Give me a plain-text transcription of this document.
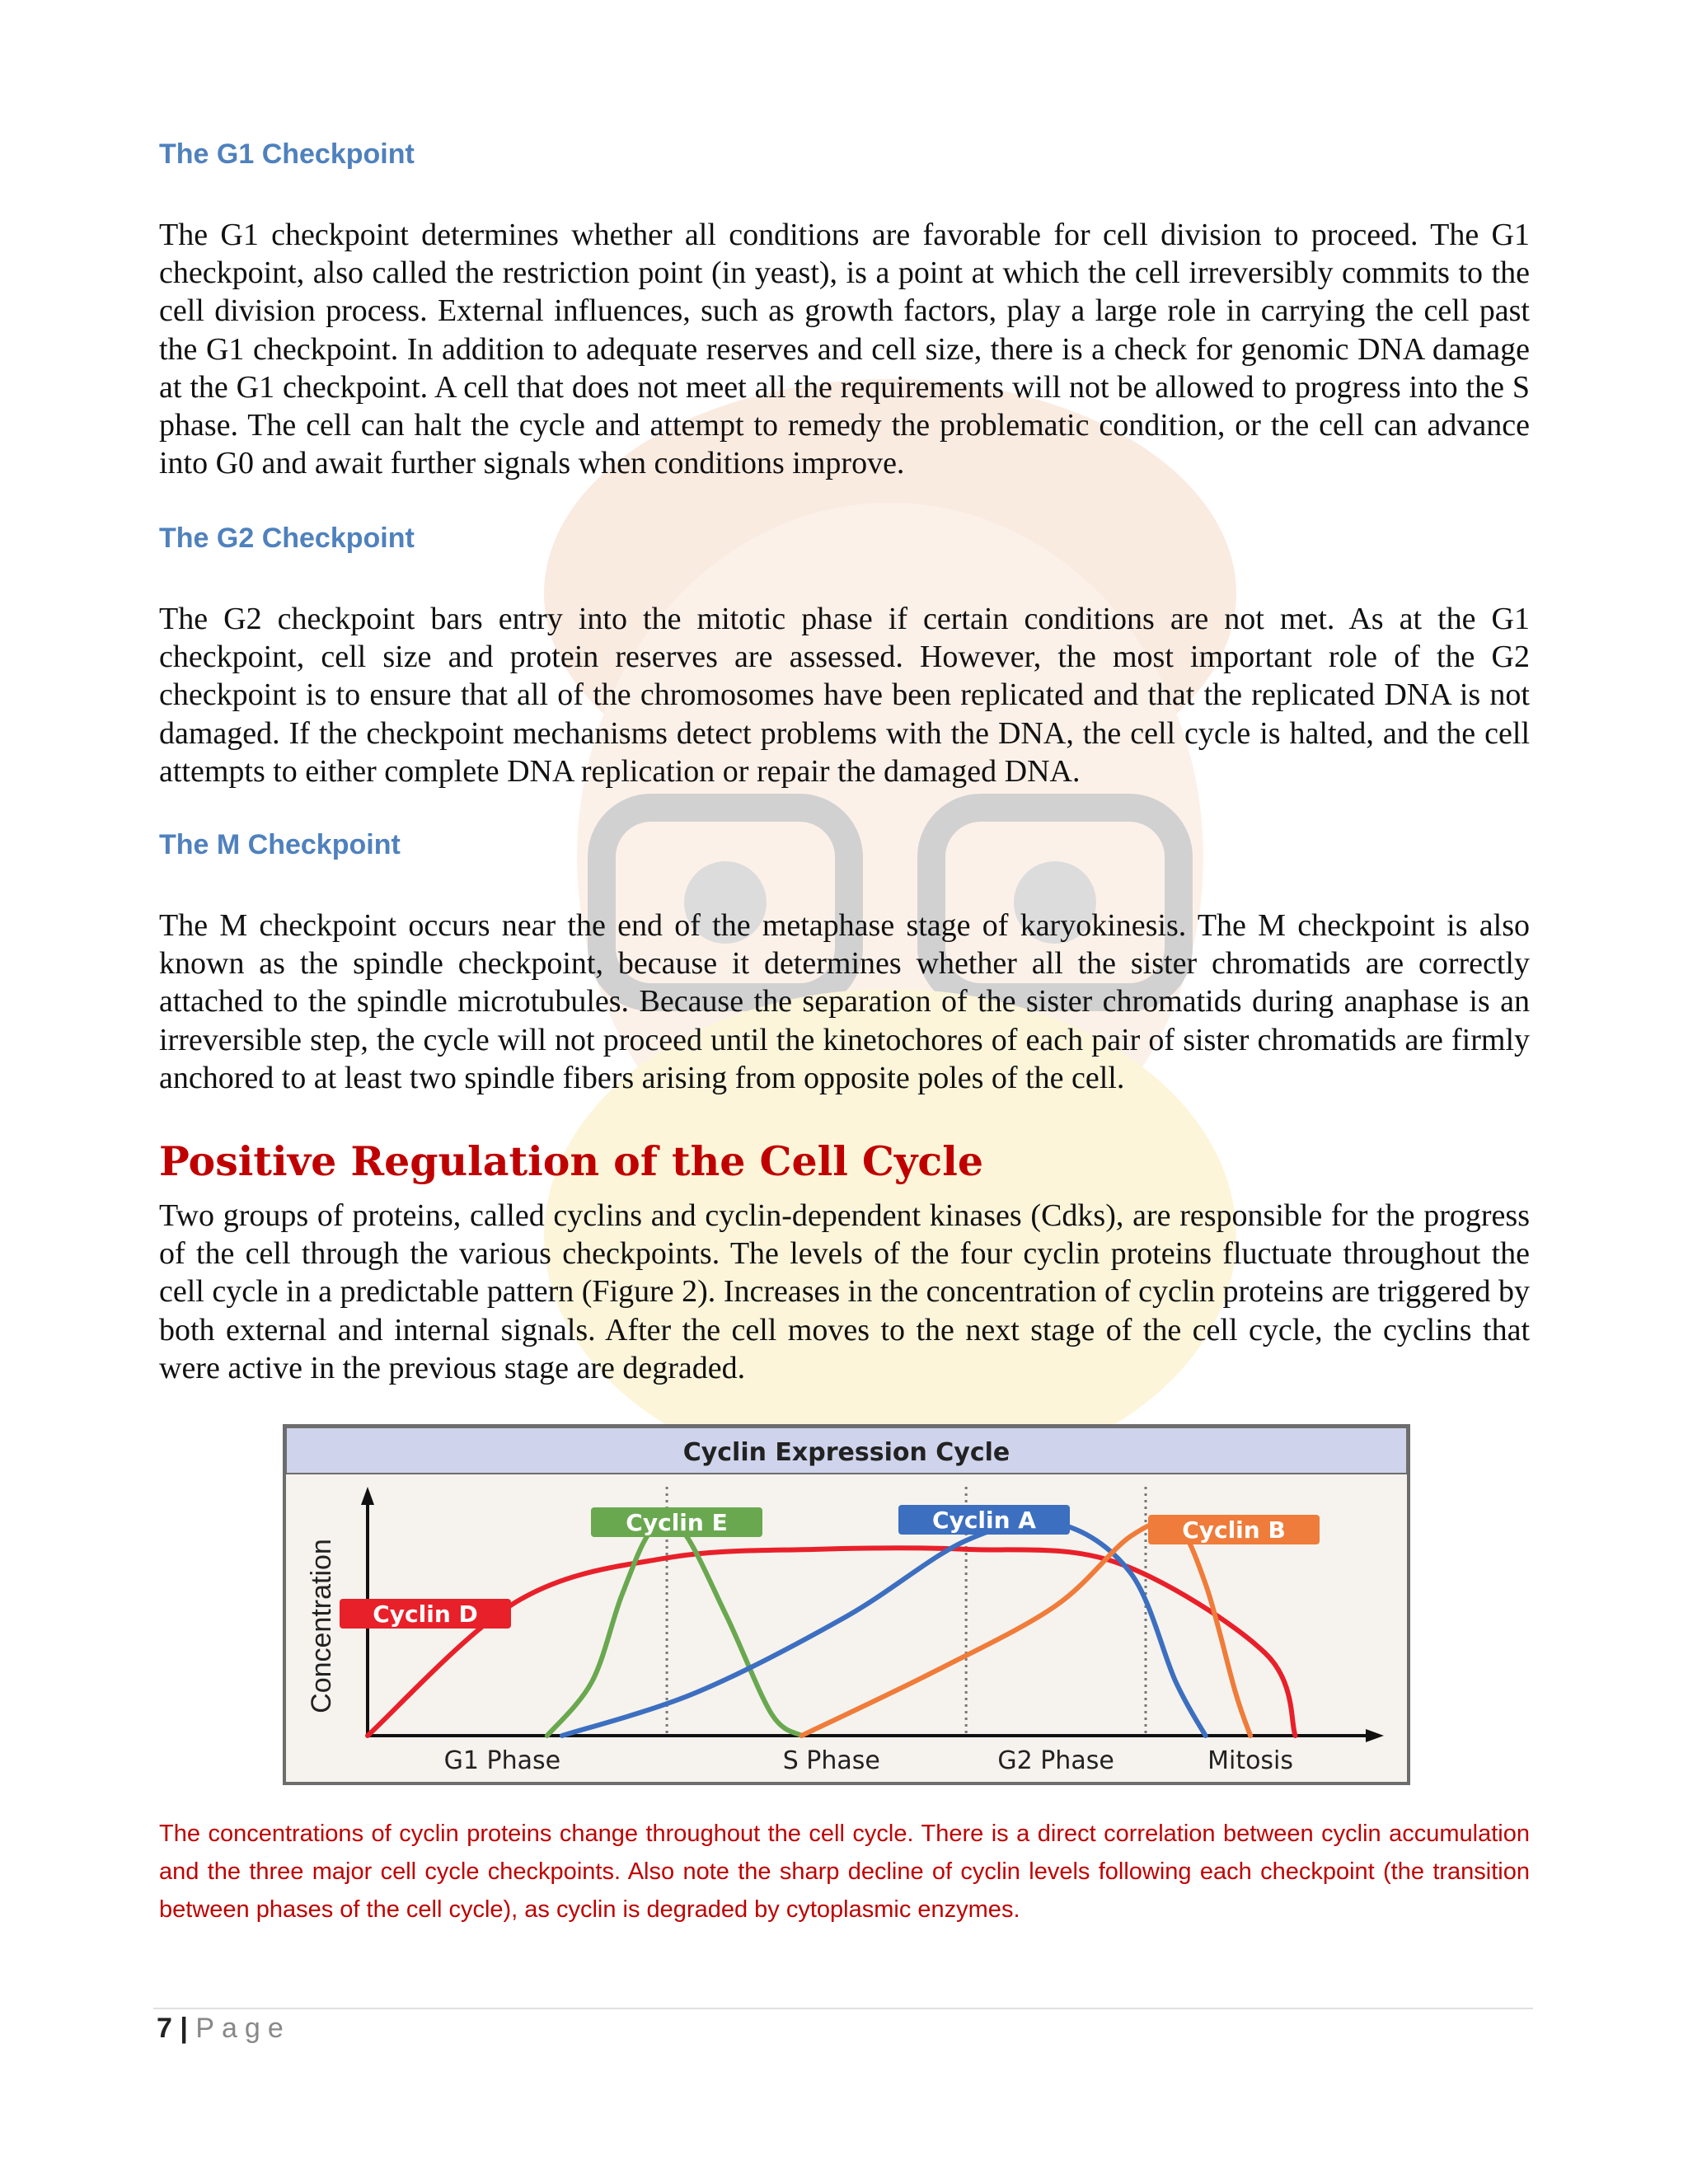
The G1 Checkpoint

The G1 checkpoint determines whether all conditions are favorable for cell division to proceed. The G1 checkpoint, also called the restriction point (in yeast), is a point at which the cell irreversibly commits to the cell division process. External influences, such as growth factors, play a large role in carrying the cell past the G1 checkpoint. In addition to adequate reserves and cell size, there is a check for genomic DNA damage at the G1 checkpoint. A cell that does not meet all the requirements will not be allowed to progress into the S phase. The cell can halt the cycle and attempt to remedy the problematic condition, or the cell can advance into G0 and await further signals when conditions improve.

The G2 Checkpoint

The G2 checkpoint bars entry into the mitotic phase if certain conditions are not met. As at the G1 checkpoint, cell size and protein reserves are assessed. However, the most important role of the G2 checkpoint is to ensure that all of the chromosomes have been replicated and that the replicated DNA is not damaged. If the checkpoint mechanisms detect problems with the DNA, the cell cycle is halted, and the cell attempts to either complete DNA replication or repair the damaged DNA.

The M Checkpoint

The M checkpoint occurs near the end of the metaphase stage of karyokinesis. The M checkpoint is also known as the spindle checkpoint, because it determines whether all the sister chromatids are correctly attached to the spindle microtubules. Because the separation of the sister chromatids during anaphase is an irreversible step, the cycle will not proceed until the kinetochores of each pair of sister chromatids are firmly anchored to at least two spindle fibers arising from opposite poles of the cell.

Positive Regulation of the Cell Cycle

Two groups of proteins, called cyclins and cyclin-dependent kinases (Cdks), are responsible for the progress of the cell through the various checkpoints. The levels of the four cyclin proteins fluctuate throughout the cell cycle in a predictable pattern (Figure 2). Increases in the concentration of cyclin proteins are triggered by both external and internal signals. After the cell moves to the next stage of the cell cycle, the cyclins that were active in the previous stage are degraded.

Cyclin Expression Cycle
Concentration Cyclin D
Cyclin E	Cyclin A	Cyclin B
G1 Phase	S Phase	G2 Phase	Mitosis

The concentrations of cyclin proteins change throughout the cell cycle. There is a direct correlation between cyclin accumulation and the three major cell cycle checkpoints. Also note the sharp decline of cyclin levels following each checkpoint (the transition between phases of the cell cycle), as cyclin is degraded by cytoplasmic enzymes.

7 | Page
